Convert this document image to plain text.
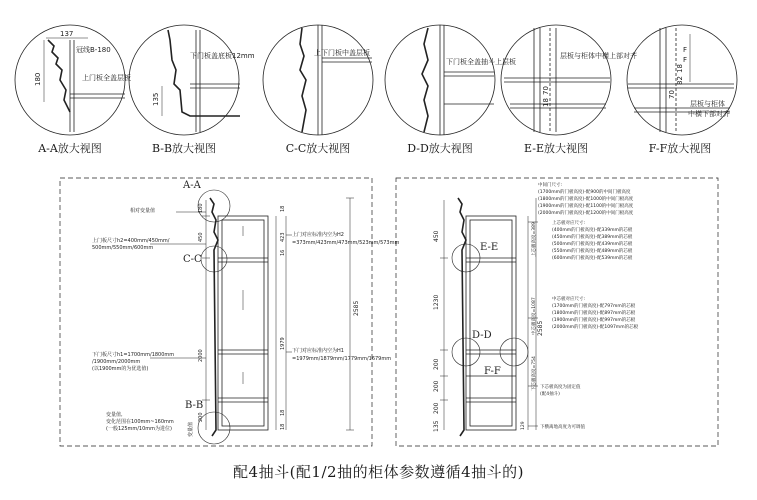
137
冠线B-180
上门板全盖层板
180
下门板盖底板12mm
135
上下门板中盖层板
下门板全盖抽斗上层板
层板与柜体中横上部对齐
70
18	层板与柜体
中横下部对齐
F
F
70
18
82
A-A
C-C
B-B
相对变量值
上门板尺寸h2=400mm/450mm/
500mm/550mm/600mm
上门对应标准内空为H2
=373mm/423mm/473mm/523mm/573mm
下门板尺寸h1=1700mm/1800mm
/1900mm/2000mm
(以1900mm的为优选值)
下门对应标准内空为H1
=1979mm/1879mm/1779mm/1679mm
变量值,
变化范围在100mm~160mm
(一般125mm/10mm为进位)	变量值
180
450
2000
200
18
423
16
1979
18
2585
18
E-E
D-D
F-F
中间门尺寸:
(1700mm的门板高度)-配900的中间门板高度
(1800mm的门板高度)-配1000的中间门板高度
(1900mm的门板高度)-配1100的中间门板高度
(2000mm的门板高度)-配1200的中间门板高度
上芯板对应尺寸:
(400mm的门板高度)-配339mm的芯板
(450mm的门板高度)-配389mm的芯板
(500mm的门板高度)-配439mm的芯板
(550mm的门板高度)-配489mm的芯板
(600mm的门板高度)-配539mm的芯板
上芯板高度=389
中芯板对应尺寸:
(1700mm的门板高度)-配797mm的芯板
(1800mm的门板高度)-配897mm的芯板
(1900mm的门板高度)-配997mm的芯板
(2000mm的门板高度)-配1097mm的芯板
中芯板高度=1087
下芯板高度=754 下芯板高度为固定值
(配4抽斗)
下横离地高度为可调值
129
1230
450
200
200
200
135
2585
A-A放大视图	B-B放大视图	C-C放大视图	D-D放大视图	E-E放大视图	F-F放大视图
配4抽斗(配1/2抽的柜体参数遵循4抽斗的)
